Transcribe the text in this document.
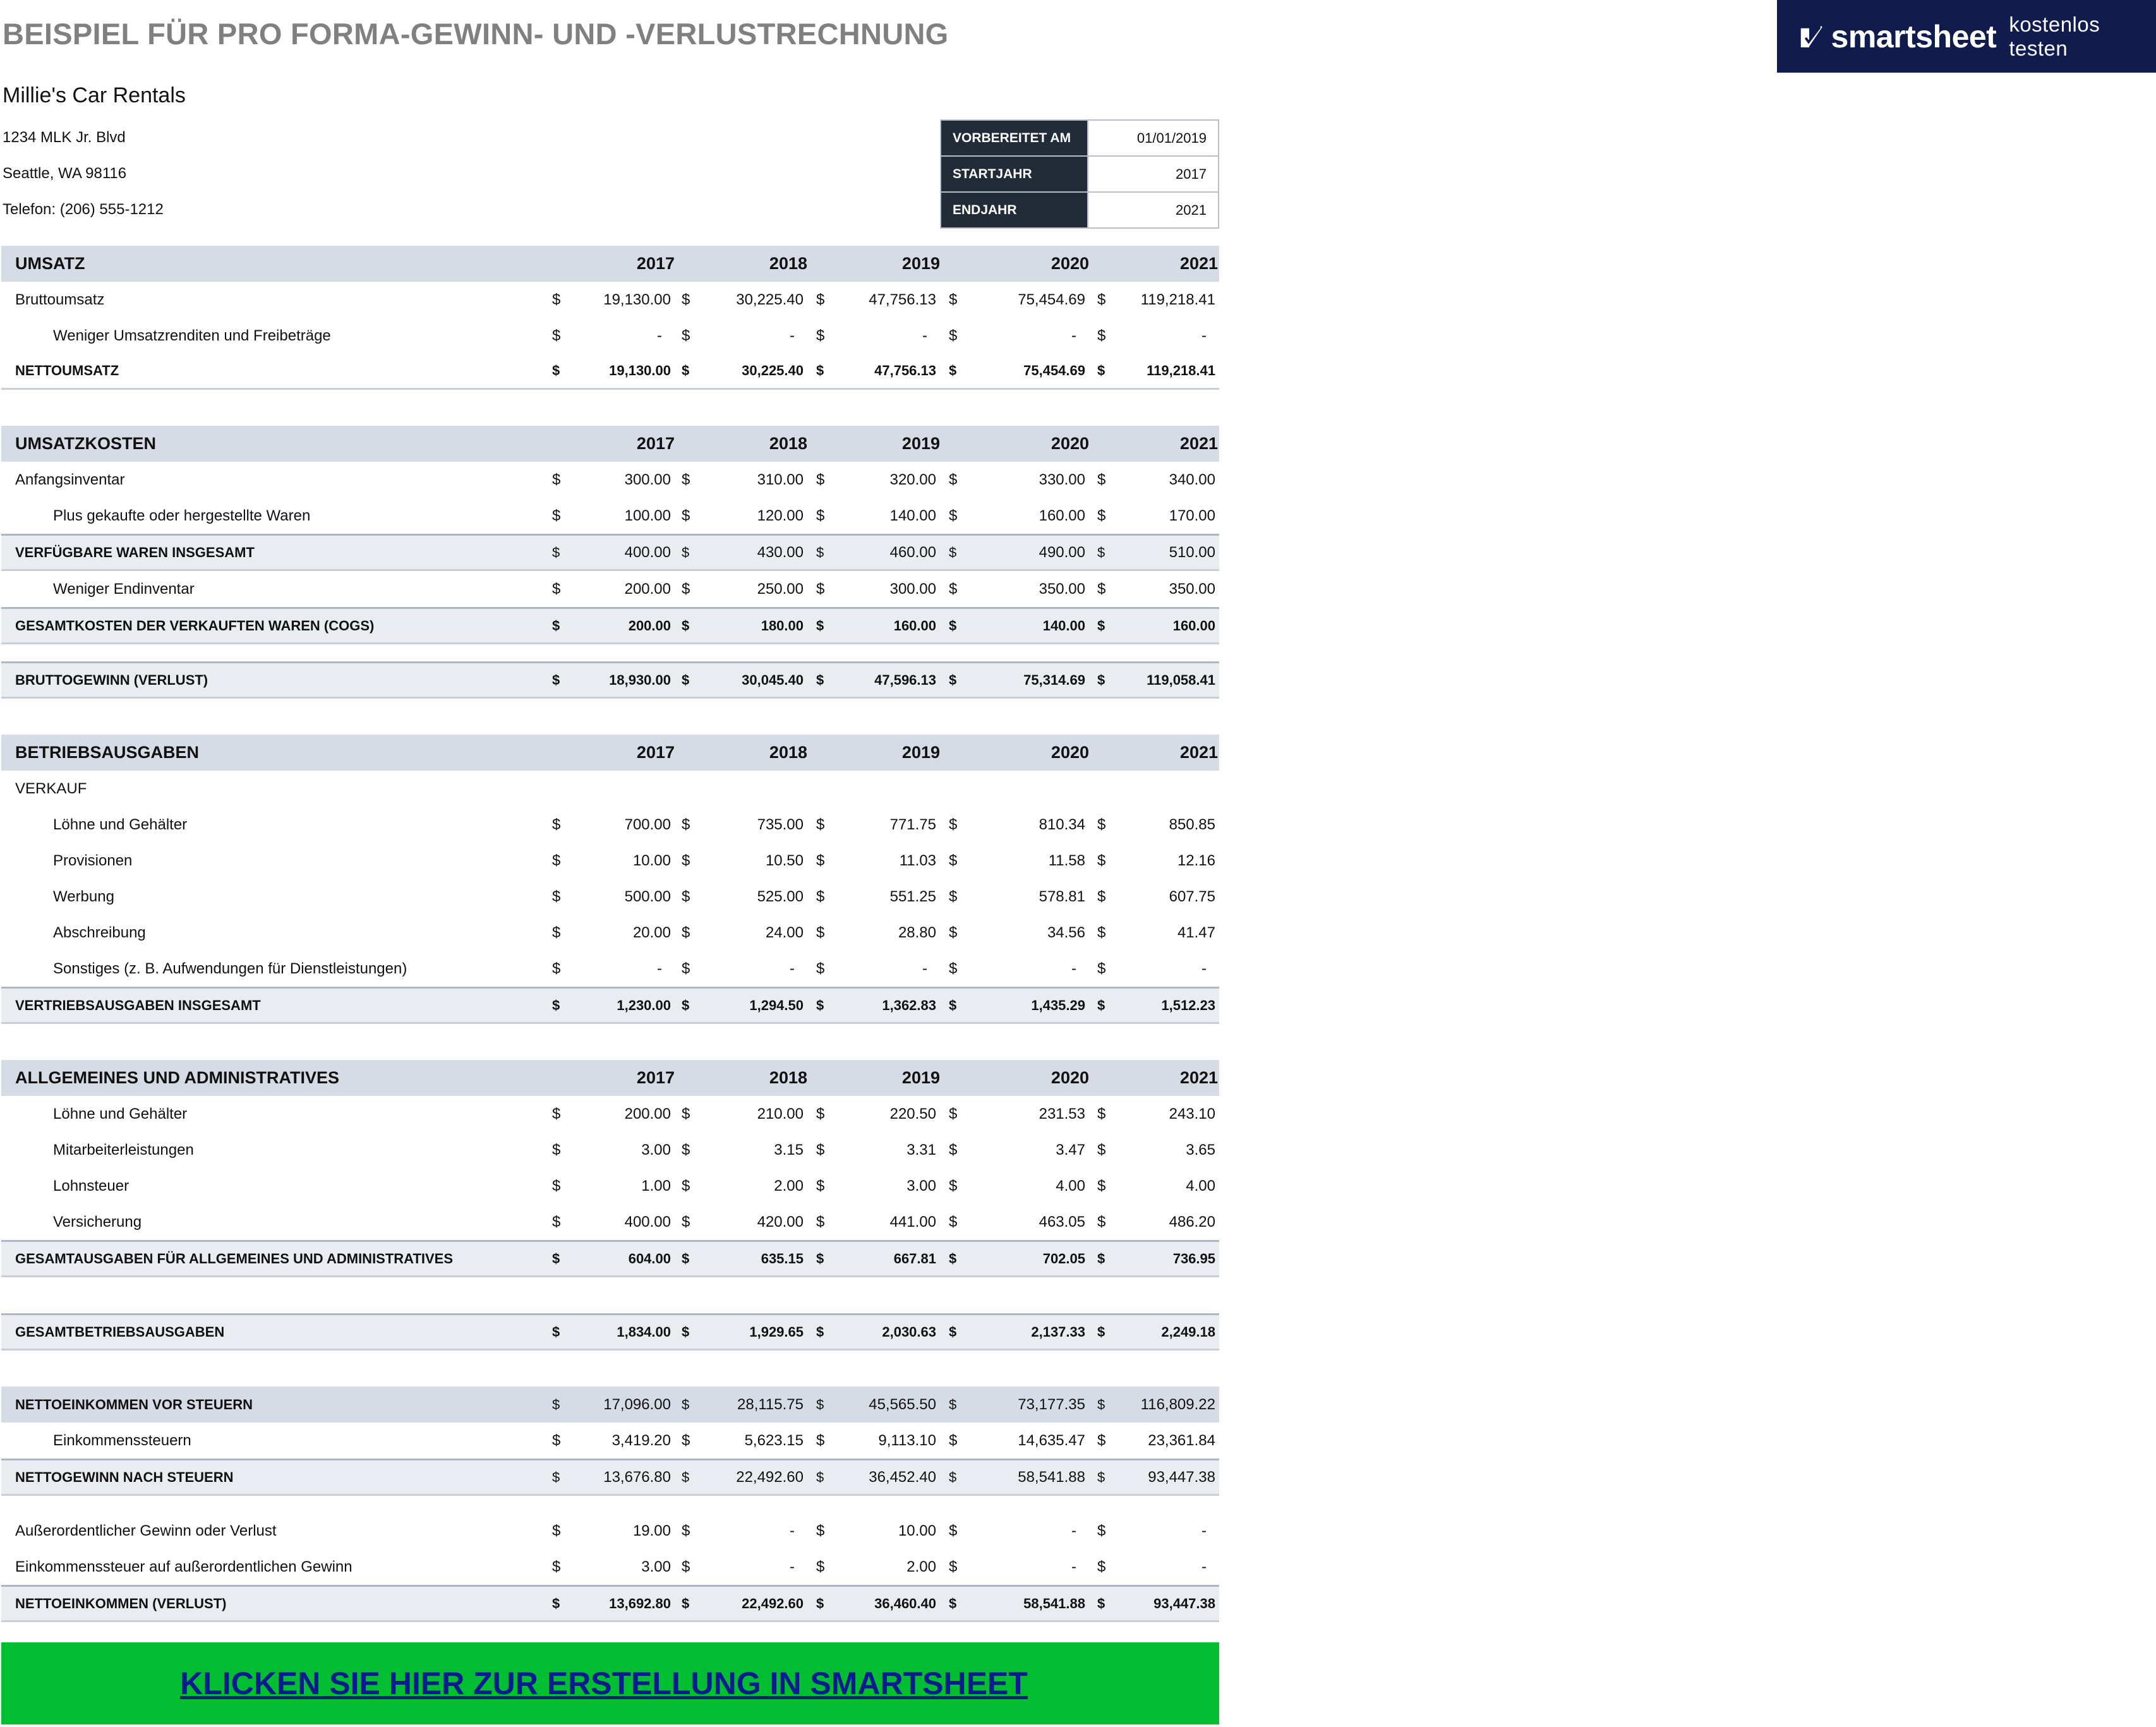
BEISPIEL FÜR PRO FORMA-GEWINN- UND -VERLUSTRECHNUNG	smartsheet kostenlos testen
Millie's Car Rentals
1234 MLK Jr. Blvd
Seattle, WA 98116
Telefon: (206) 555-1212
VORBEREITET AM	01/01/2019
STARTJAHR	2017
ENDJAHR	2021
UMSATZ	2017	2018	2019	2020	2021
Bruttoumsatz	$	19,130.00 $	30,225.40 $	47,756.13 $	75,454.69 $ 119,218.41
Weniger Umsatzrenditen und Freibeträge	$	- $	- $	- $	- $	-
NETTOUMSATZ	$	19,130.00 $	30,225.40 $	47,756.13 $	75,454.69 $	119,218.41
UMSATZKOSTEN	2017	2018	2019	2020	2021
Anfangsinventar	$	300.00 $	310.00 $	320.00 $	330.00 $	340.00
Plus gekaufte oder hergestellte Waren	$	100.00 $	120.00 $	140.00 $	160.00 $	170.00
VERFÜGBARE WAREN INSGESAMT	$	400.00 $	430.00 $	460.00 $	490.00 $	510.00
Weniger Endinventar	$	200.00 $	250.00 $	300.00 $	350.00 $	350.00
GESAMTKOSTEN DER VERKAUFTEN WAREN (COGS)	$	200.00 $	180.00 $	160.00 $	140.00 $	160.00
BRUTTOGEWINN (VERLUST)	$	18,930.00 $	30,045.40 $	47,596.13 $	75,314.69 $	119,058.41
BETRIEBSAUSGABEN	2017	2018	2019	2020	2021
VERKAUF
Löhne und Gehälter	$	700.00 $	735.00 $	771.75 $	810.34 $	850.85
Provisionen	$	10.00 $	10.50 $	11.03 $	11.58 $	12.16
Werbung	$	500.00 $	525.00 $	551.25 $	578.81 $	607.75
Abschreibung	$	20.00 $	24.00 $	28.80 $	34.56 $	41.47
Sonstiges (z. B. Aufwendungen für Dienstleistungen)	$	- $	- $	- $	- $	-
VERTRIEBSAUSGABEN INSGESAMT	$	1,230.00 $	1,294.50 $	1,362.83 $	1,435.29 $	1,512.23
ALLGEMEINES UND ADMINISTRATIVES	2017	2018	2019	2020	2021
Löhne und Gehälter	$	200.00 $	210.00 $	220.50 $	231.53 $	243.10
Mitarbeiterleistungen	$	3.00 $	3.15 $	3.31 $	3.47 $	3.65
Lohnsteuer	$	1.00 $	2.00 $	3.00 $	4.00 $	4.00
Versicherung	$	400.00 $	420.00 $	441.00 $	463.05 $	486.20
GESAMTAUSGABEN FÜR ALLGEMEINES UND ADMINISTRATIVES	$	604.00 $	635.15 $	667.81 $	702.05 $	736.95
GESAMTBETRIEBSAUSGABEN	$	1,834.00 $	1,929.65 $	2,030.63 $	2,137.33 $	2,249.18
NETTOEINKOMMEN VOR STEUERN	$	17,096.00 $	28,115.75 $	45,565.50 $	73,177.35 $ 116,809.22
Einkommenssteuern	$	3,419.20 $	5,623.15 $	9,113.10 $	14,635.47 $	23,361.84
NETTOGEWINN NACH STEUERN	$	13,676.80 $	22,492.60 $	36,452.40 $	58,541.88 $	93,447.38
Außerordentlicher Gewinn oder Verlust	$	19.00 $	- $	10.00 $	- $	-
Einkommenssteuer auf außerordentlichen Gewinn	$	3.00 $	- $	2.00 $	- $	-
NETTOEINKOMMEN (VERLUST)	$	13,692.80 $	22,492.60 $	36,460.40 $	58,541.88 $	93,447.38
KLICKEN SIE HIER ZUR ERSTELLUNG IN SMARTSHEET
